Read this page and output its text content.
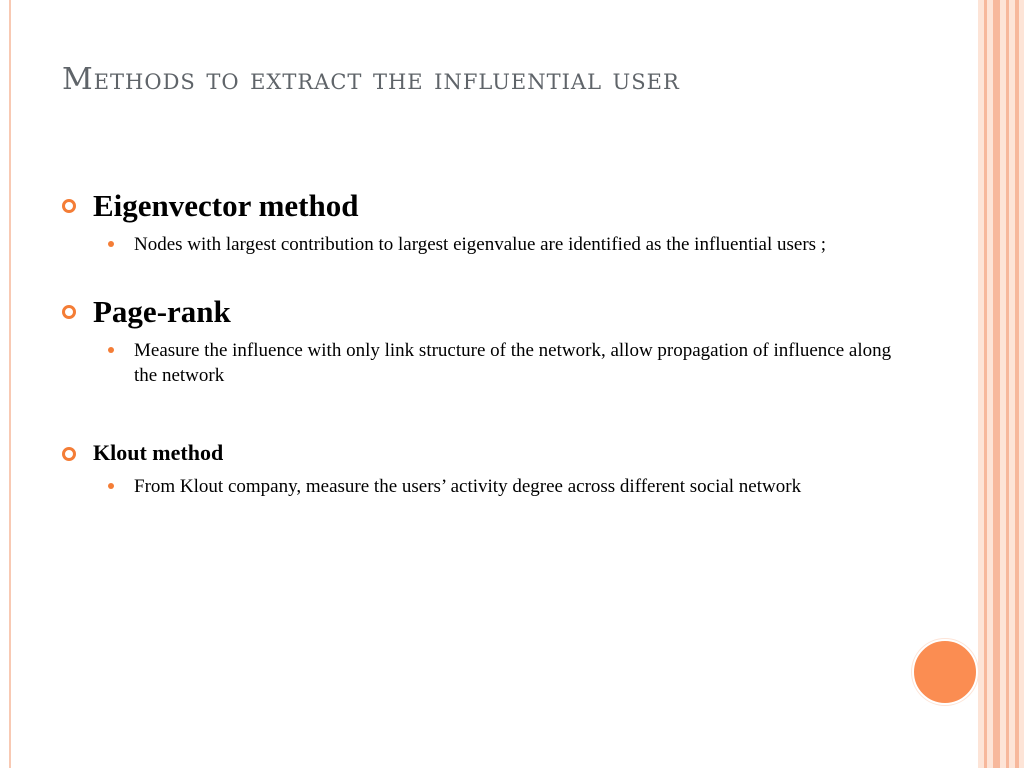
Methods to extract the influential user
Eigenvector method
Nodes with largest contribution to largest eigenvalue are identified as the influential users ;
Page-rank
Measure the influence with only link structure of the network, allow propagation of influence along the network
Klout method
From Klout company, measure the users’ activity degree across different social network
